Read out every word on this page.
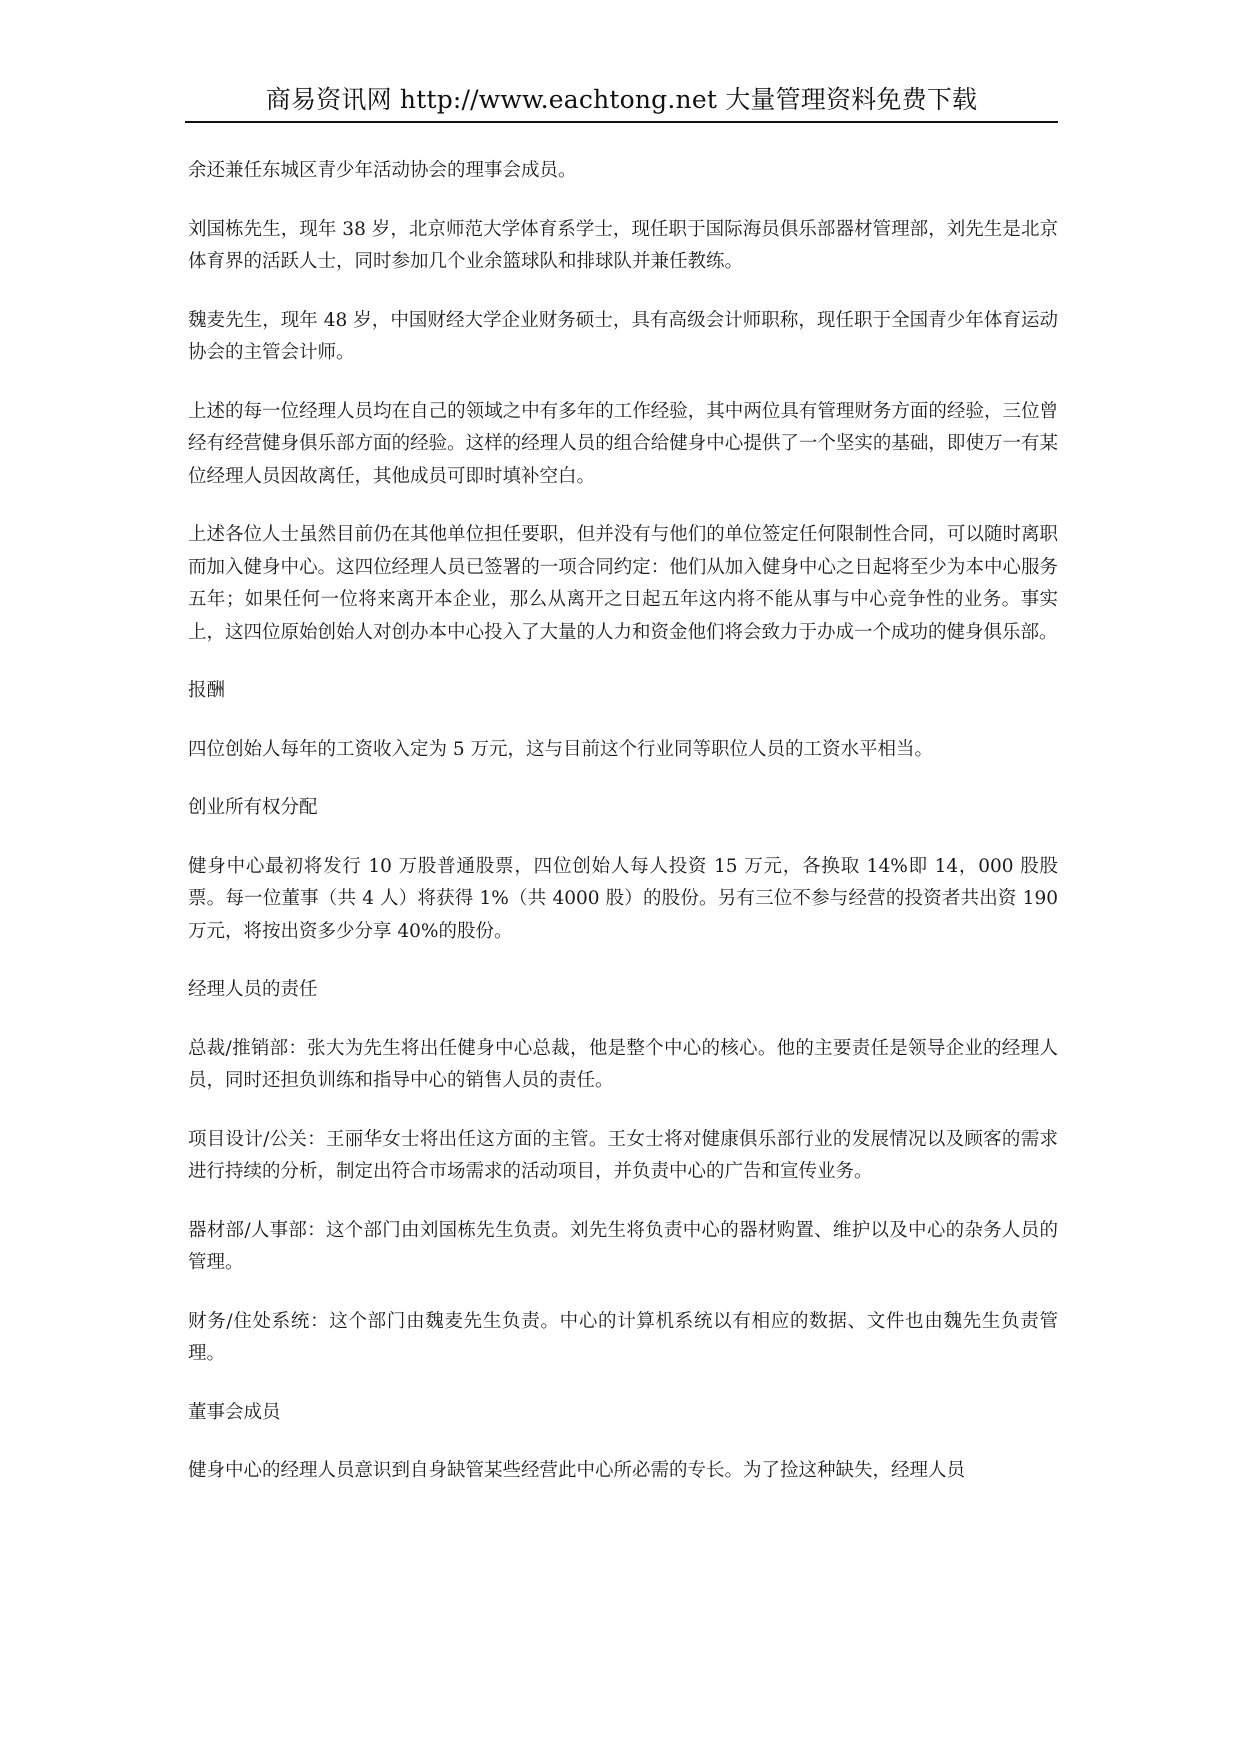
商易资讯网 http://www.eachtong.net 大量管理资料免费下载

余还兼任东城区青少年活动协会的理事会成员。

刘国栋先生，现年 38 岁，北京师范大学体育系学士，现任职于国际海员俱乐部器材管理部，刘先生是北京体育界的活跃人士，同时参加几个业余篮球队和排球队并兼任教练。

魏麦先生，现年 48 岁，中国财经大学企业财务硕士，具有高级会计师职称，现任职于全国青少年体育运动协会的主管会计师。

上述的每一位经理人员均在自己的领域之中有多年的工作经验，其中两位具有管理财务方面的经验，三位曾经有经营健身俱乐部方面的经验。这样的经理人员的组合给健身中心提供了一个坚实的基础，即使万一有某位经理人员因故离任，其他成员可即时填补空白。

上述各位人士虽然目前仍在其他单位担任要职，但并没有与他们的单位签定任何限制性合同，可以随时离职而加入健身中心。这四位经理人员已签署的一项合同约定：他们从加入健身中心之日起将至少为本中心服务五年；如果任何一位将来离开本企业，那么从离开之日起五年这内将不能从事与中心竞争性的业务。事实上，这四位原始创始人对创办本中心投入了大量的人力和资金他们将会致力于办成一个成功的健身俱乐部。

报酬

四位创始人每年的工资收入定为 5 万元，这与目前这个行业同等职位人员的工资水平相当。

创业所有权分配

健身中心最初将发行 10 万股普通股票，四位创始人每人投资 15 万元，各换取 14%即 14，000 股股票。每一位董事（共 4 人）将获得 1%（共 4000 股）的股份。另有三位不参与经营的投资者共出资 190 万元，将按出资多少分享 40%的股份。

经理人员的责任

总裁/推销部：张大为先生将出任健身中心总裁，他是整个中心的核心。他的主要责任是领导企业的经理人员，同时还担负训练和指导中心的销售人员的责任。

项目设计/公关：王丽华女士将出任这方面的主管。王女士将对健康俱乐部行业的发展情况以及顾客的需求进行持续的分析，制定出符合市场需求的活动项目，并负责中心的广告和宣传业务。

器材部/人事部：这个部门由刘国栋先生负责。刘先生将负责中心的器材购置、维护以及中心的杂务人员的管理。

财务/住处系统：这个部门由魏麦先生负责。中心的计算机系统以有相应的数据、文件也由魏先生负责管理。

董事会成员

健身中心的经理人员意识到自身缺管某些经营此中心所必需的专长。为了捡这种缺失，经理人员
